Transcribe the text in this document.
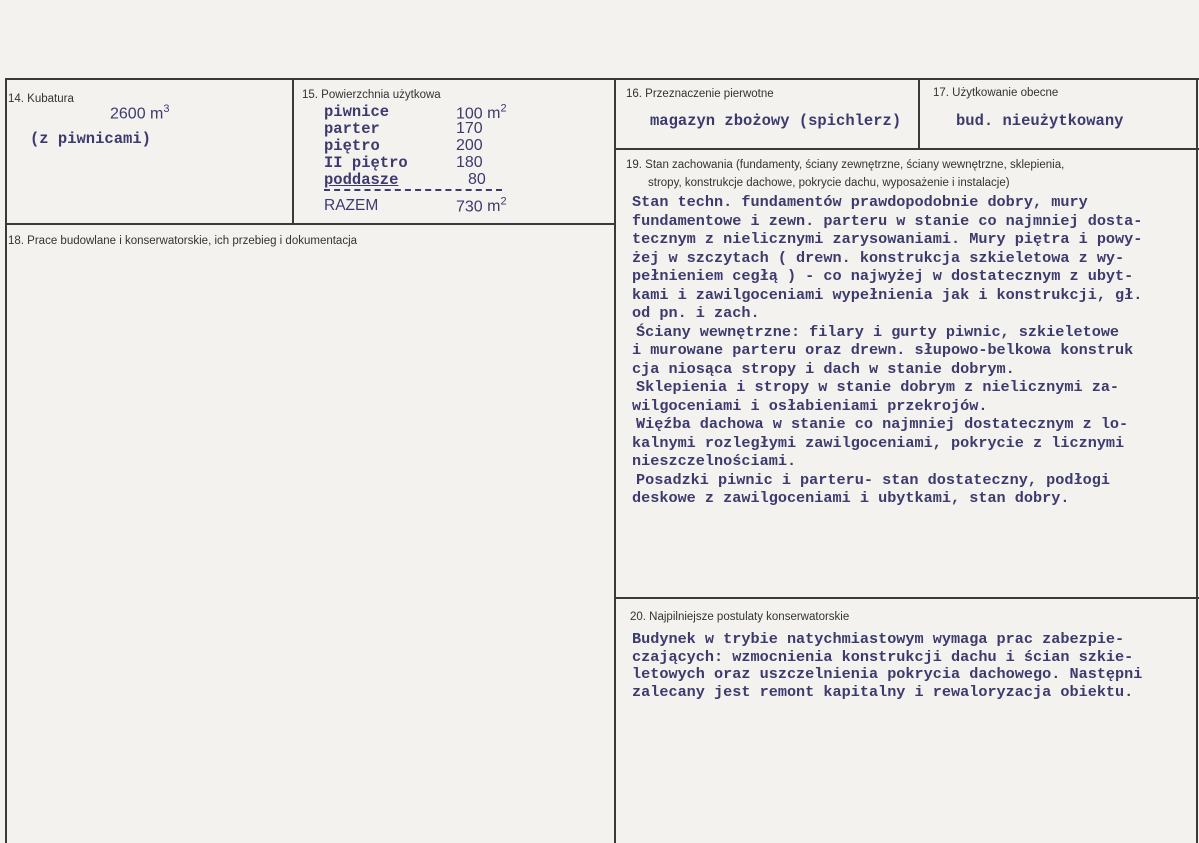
14. Kubatura
2600 $m^3$
(z piwnicami)
15. Powierzchnia użytkowa
piwnice	100 $m^2$
parter	170
piętro	200
II piętro	180
poddasze	80
RAZEM	730 $m^2$
16. Przeznaczenie pierwotne
magazyn zbożowy (spichlerz)
17. Użytkowanie obecne
bud. nieużytkowany
18. Prace budowlane i konserwatorskie, ich przebieg i dokumentacja
19. Stan zachowania (fundamenty, ściany zewnętrzne, ściany wewnętrzne, sklepienia,
stropy, konstrukcje dachowe, pokrycie dachu, wyposażenie i instalacje)
Stan techn. fundamentów prawdopodobnie dobry, mury
fundamentowe i zewn. parteru w stanie co najmniej dosta-
tecznym z nielicznymi zarysowaniami. Mury piętra i powy-
żej w szczytach ( drewn. konstrukcja szkieletowa z wy-
pełnieniem cegłą ) - co najwyżej w dostatecznym z ubyt-
kami i zawilgoceniami wypełnienia jak i konstrukcji, gł.
od pn. i zach.
Ściany wewnętrzne: filary i gurty piwnic, szkieletowe
i murowane parteru oraz drewn. słupowo-belkowa konstruk
cja niosąca stropy i dach w stanie dobrym.
Sklepienia i stropy w stanie dobrym z nielicznymi za-
wilgoceniami i osłabieniami przekrojów.
Więźba dachowa w stanie co najmniej dostatecznym z lo-
kalnymi rozległymi zawilgoceniami, pokrycie z licznymi
nieszczelnościami.
Posadzki piwnic i parteru- stan dostateczny, podłogi
deskowe z zawilgoceniami i ubytkami, stan dobry.
20. Najpilniejsze postulaty konserwatorskie
Budynek w trybie natychmiastowym wymaga prac zabezpie-
czających: wzmocnienia konstrukcji dachu i ścian szkie-
letowych oraz uszczelnienia pokrycia dachowego. Następni
zalecany jest remont kapitalny i rewaloryzacja obiektu.
